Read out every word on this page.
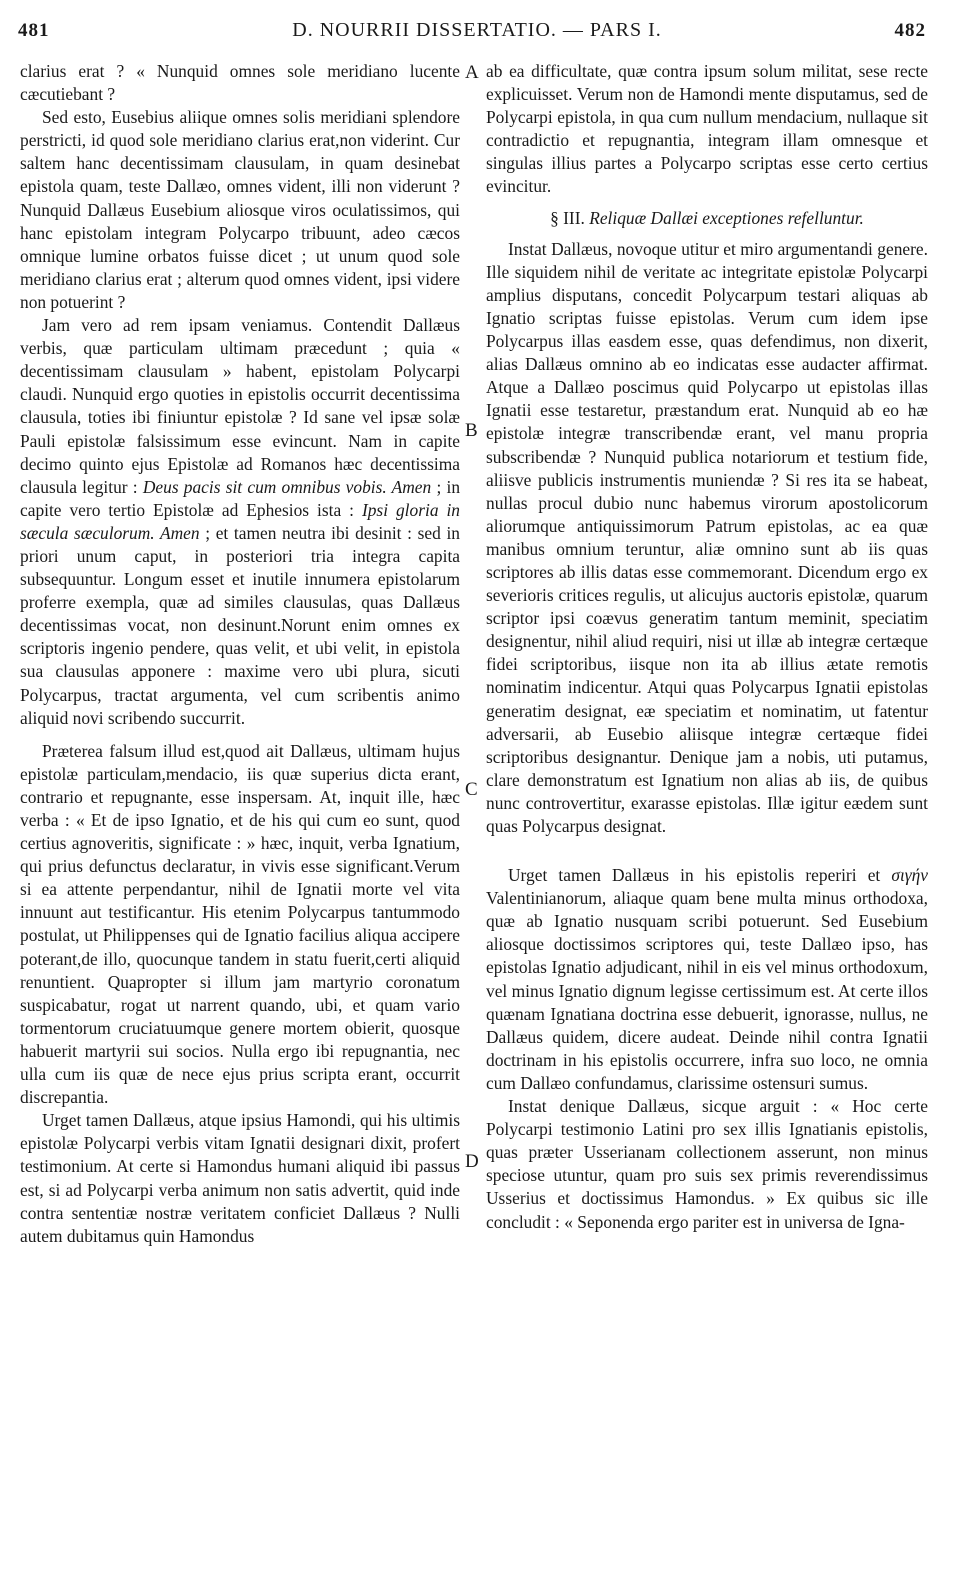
481	D. NOURRII DISSERTATIO. — PARS I.	482
A
B
C
D

clarius erat ? « Nunquid omnes sole meridiano lucente cæcutiebant ?

Sed esto, Eusebius aliique omnes solis meridiani splendore perstricti, id quod sole meridiano clarius erat,non viderint. Cur saltem hanc decentissimam clausulam, in quam desinebat epistola quam, teste Dallæo, omnes vident, illi non viderunt ? Nunquid Dallæus Eusebium aliosque viros oculatissimos, qui hanc epistolam integram Polycarpo tribuunt, adeo cæcos omnique lumine orbatos fuisse dicet ; ut unum quod sole meridiano clarius erat ; alterum quod omnes vident, ipsi videre non potuerint ?

Jam vero ad rem ipsam veniamus. Contendit Dallæus verbis, quæ particulam ultimam præcedunt ; quia « decentissimam clausulam » habent, epistolam Polycarpi claudi. Nunquid ergo quoties in epistolis occurrit decentissima clausula, toties ibi finiuntur epistolæ ? Id sane vel ipsæ solæ Pauli epistolæ falsissimum esse evincunt. Nam in capite decimo quinto ejus Epistolæ ad Romanos hæc decentissima clausula legitur : Deus pacis sit cum omnibus vobis. Amen ; in capite vero tertio Epistolæ ad Ephesios ista : Ipsi gloria in sæcula sæculorum. Amen ; et tamen neutra ibi desinit : sed in priori unum caput, in posteriori tria integra capita subsequuntur. Longum esset et inutile innumera epistolarum proferre exempla, quæ ad similes clausulas, quas Dallæus decentissimas vocat, non desinunt.Norunt enim omnes ex scriptoris ingenio pendere, quas velit, et ubi velit, in epistola sua clausulas apponere : maxime vero ubi plura, sicuti Polycarpus, tractat argumenta, vel cum scribentis animo aliquid novi scribendo succurrit.

Præterea falsum illud est,quod ait Dallæus, ultimam hujus epistolæ particulam,mendacio, iis quæ superius dicta erant, contrario et repugnante, esse inspersam. At, inquit ille, hæc verba : « Et de ipso Ignatio, et de his qui cum eo sunt, quod certius agnoveritis, significate : » hæc, inquit, verba Ignatium, qui prius defunctus declaratur, in vivis esse significant.Verum si ea attente perpendantur, nihil de Ignatii morte vel vita innuunt aut testificantur. His etenim Polycarpus tantummodo postulat, ut Philippenses qui de Ignatio facilius aliqua accipere poterant,de illo, quocunque tandem in statu fuerit,certi aliquid renuntient. Quapropter si illum jam martyrio coronatum suspicabatur, rogat ut narrent quando, ubi, et quam vario tormentorum cruciatuumque genere mortem obierit, quosque habuerit martyrii sui socios. Nulla ergo ibi repugnantia, nec ulla cum iis quæ de nece ejus prius scripta erant, occurrit discrepantia.

Urget tamen Dallæus, atque ipsius Hamondi, qui his ultimis epistolæ Polycarpi verbis vitam Ignatii designari dixit, profert testimonium. At certe si Hamondus humani aliquid ibi passus est, si ad Polycarpi verba animum non satis advertit, quid inde contra sententiæ nostræ veritatem conficiet Dallæus ? Nulli autem dubitamus quin Hamondus

ab ea difficultate, quæ contra ipsum solum militat, sese recte explicuisset. Verum non de Hamondi mente disputamus, sed de Polycarpi epistola, in qua cum nullum mendacium, nullaque sit contradictio et repugnantia, integram illam omnesque et singulas illius partes a Polycarpo scriptas esse certo certius evincitur.

§ III. Reliquæ Dallæi exceptiones refelluntur.

Instat Dallæus, novoque utitur et miro argumentandi genere. Ille siquidem nihil de veritate ac integritate epistolæ Polycarpi amplius disputans, concedit Polycarpum testari aliquas ab Ignatio scriptas fuisse epistolas. Verum cum idem ipse Polycarpus illas easdem esse, quas defendimus, non dixerit, alias Dallæus omnino ab eo indicatas esse audacter affirmat. Atque a Dallæo poscimus quid Polycarpo ut epistolas illas Ignatii esse testaretur, præstandum erat. Nunquid ab eo hæ epistolæ integræ transcribendæ erant, vel manu propria subscribendæ ? Nunquid publica notariorum et testium fide, aliisve publicis instrumentis muniendæ ? Si res ita se habeat, nullas procul dubio nunc habemus virorum apostolicorum aliorumque antiquissimorum Patrum epistolas, ac ea quæ manibus omnium teruntur, aliæ omnino sunt ab iis quas scriptores ab illis datas esse commemorant. Dicendum ergo ex severioris critices regulis, ut alicujus auctoris epistolæ, quarum scriptor ipsi coævus generatim tantum meminit, speciatim designentur, nihil aliud requiri, nisi ut illæ ab integræ certæque fidei scriptoribus, iisque non ita ab illius ætate remotis nominatim indicentur. Atqui quas Polycarpus Ignatii epistolas generatim designat, eæ speciatim et nominatim, ut fatentur adversarii, ab Eusebio aliisque integræ certæque fidei scriptoribus designantur. Denique jam a nobis, uti putamus, clare demonstratum est Ignatium non alias ab iis, de quibus nunc controvertitur, exarasse epistolas. Illæ igitur eædem sunt quas Polycarpus designat.

Urget tamen Dallæus in his epistolis reperiri et σιγήν Valentinianorum, aliaque quam bene multa minus orthodoxa, quæ ab Ignatio nusquam scribi potuerunt. Sed Eusebium aliosque doctissimos scriptores qui, teste Dallæo ipso, has epistolas Ignatio adjudicant, nihil in eis vel minus orthodoxum, vel minus Ignatio dignum legisse certissimum est. At certe illos quænam Ignatiana doctrina esse debuerit, ignorasse, nullus, ne Dallæus quidem, dicere audeat. Deinde nihil contra Ignatii doctrinam in his epistolis occurrere, infra suo loco, ne omnia cum Dallæo confundamus, clarissime ostensuri sumus.

Instat denique Dallæus, sicque arguit : « Hoc certe Polycarpi testimonio Latini pro sex illis Ignatianis epistolis, quas præter Usserianam collectionem asserunt, non minus speciose utuntur, quam pro suis sex primis reverendissimus Usserius et doctissimus Hamondus. » Ex quibus sic ille concludit : « Seponenda ergo pariter est in universa de Igna-
